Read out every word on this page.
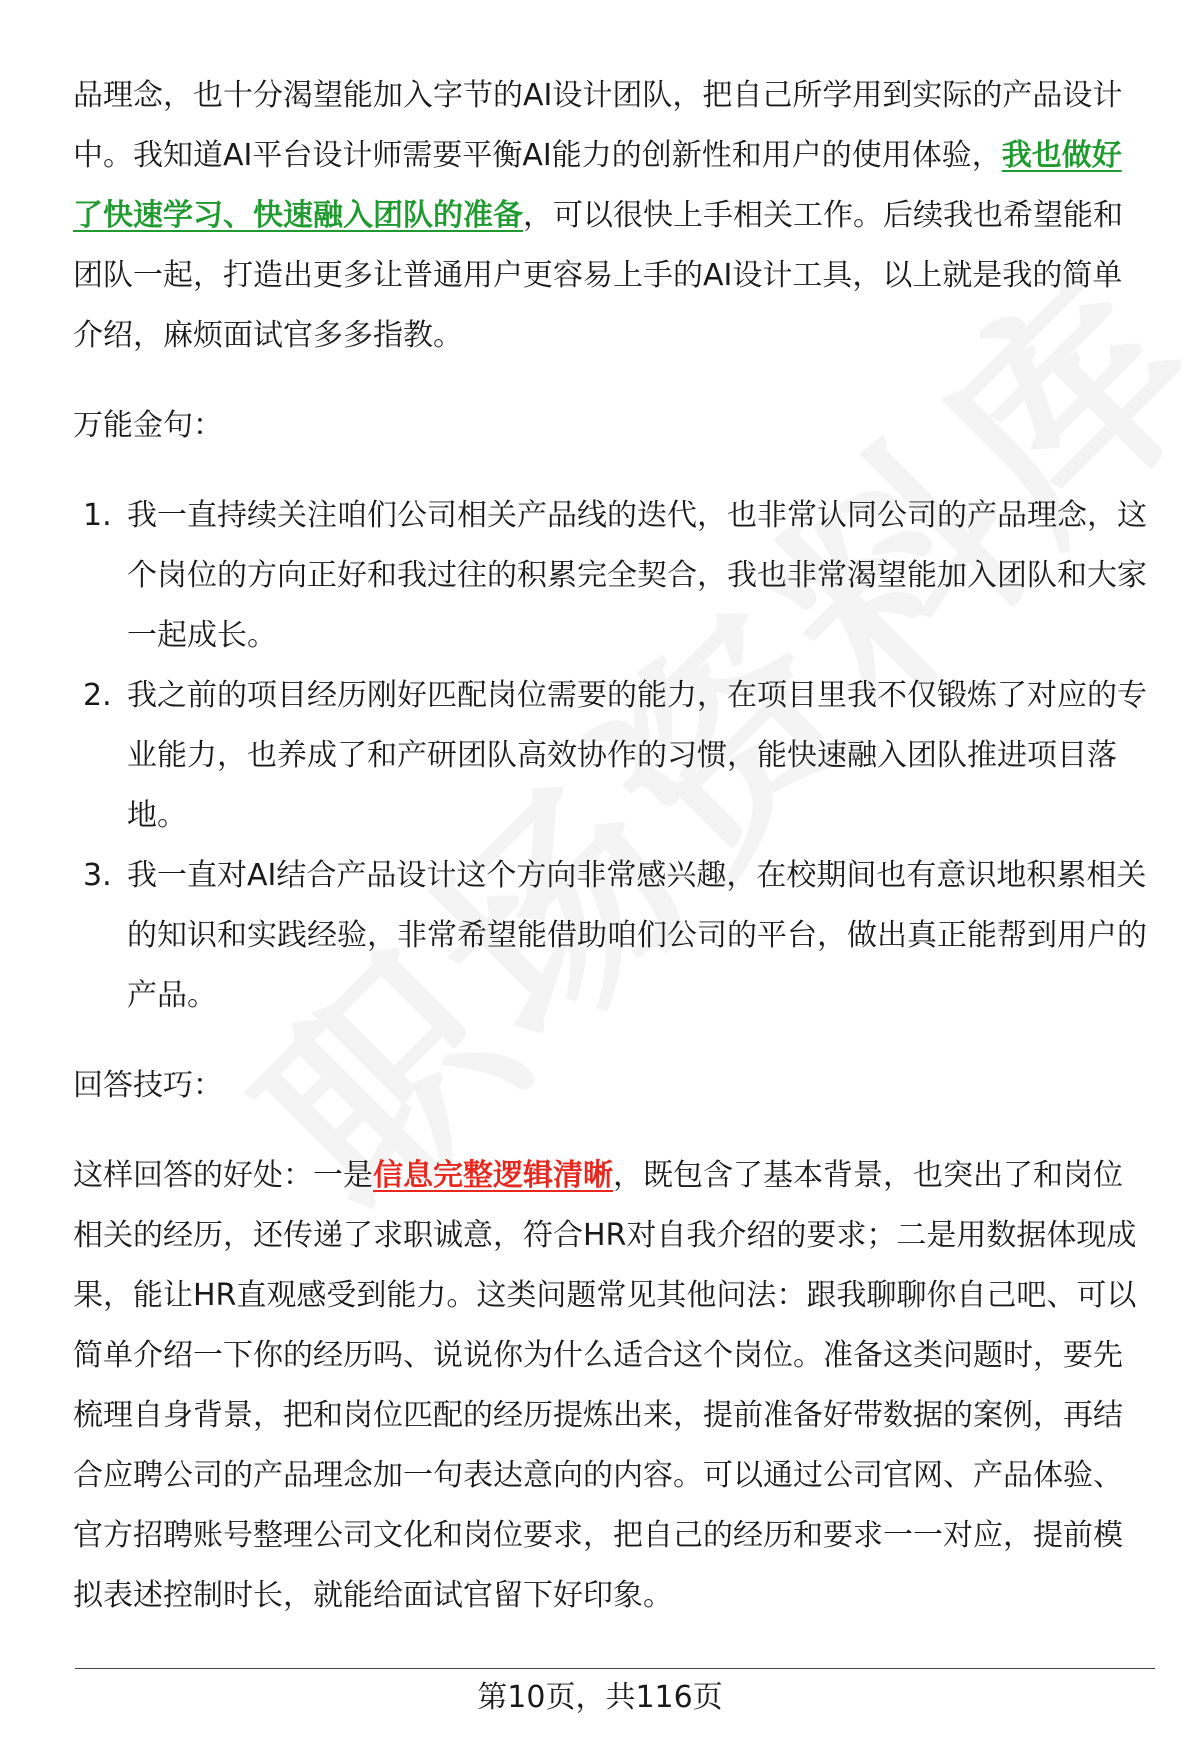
品理念，也十分渴望能加入字节的AI设计团队，把自己所学用到实际的产品设计中。我知道AI平台设计师需要平衡AI能力的创新性和用户的使用体验，我也做好了快速学习、快速融入团队的准备，可以很快上手相关工作。后续我也希望能和团队一起，打造出更多让普通用户更容易上手的AI设计工具，以上就是我的简单介绍，麻烦面试官多多指教。

万能金句：

1. 我一直持续关注咱们公司相关产品线的迭代，也非常认同公司的产品理念，这个岗位的方向正好和我过往的积累完全契合，我也非常渴望能加入团队和大家一起成长。
2. 我之前的项目经历刚好匹配岗位需要的能力，在项目里我不仅锻炼了对应的专业能力，也养成了和产研团队高效协作的习惯，能快速融入团队推进项目落地。
3. 我一直对AI结合产品设计这个方向非常感兴趣，在校期间也有意识地积累相关的知识和实践经验，非常希望能借助咱们公司的平台，做出真正能帮到用户的产品。

回答技巧：

这样回答的好处：一是信息完整逻辑清晰，既包含了基本背景，也突出了和岗位相关的经历，还传递了求职诚意，符合HR对自我介绍的要求；二是用数据体现成果，能让HR直观感受到能力。这类问题常见其他问法：跟我聊聊你自己吧、可以简单介绍一下你的经历吗、说说你为什么适合这个岗位。准备这类问题时，要先梳理自身背景，把和岗位匹配的经历提炼出来，提前准备好带数据的案例，再结合应聘公司的产品理念加一句表达意向的内容。可以通过公司官网、产品体验、官方招聘账号整理公司文化和岗位要求，把自己的经历和要求一一对应，提前模拟表述控制时长，就能给面试官留下好印象。

第10页，共116页
